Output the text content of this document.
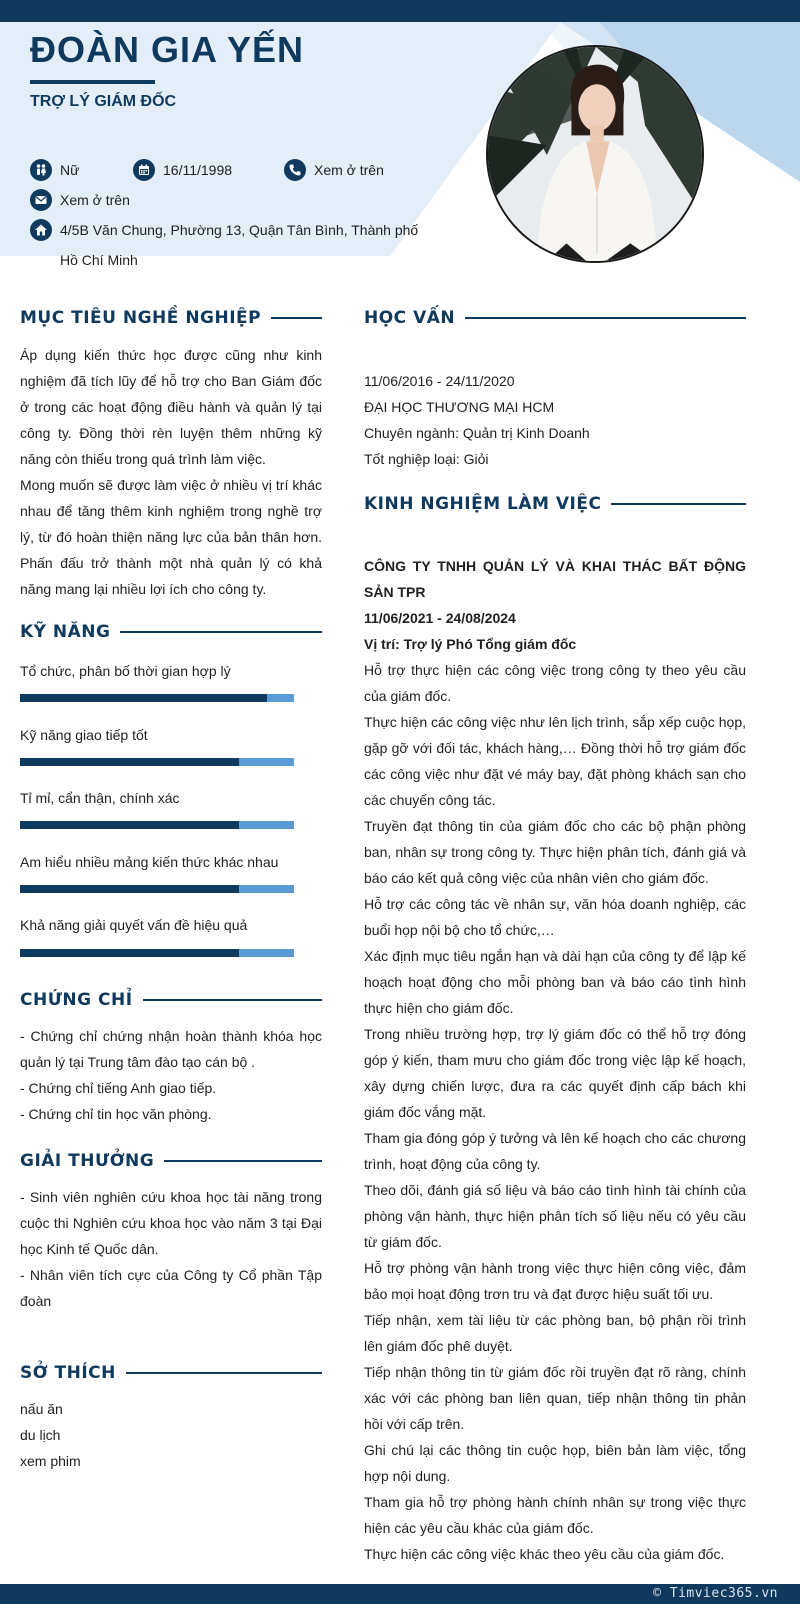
ĐOÀN GIA YẾN
TRỢ LÝ GIÁM ĐỐC
Nữ	16/11/1998	Xem ở trên
Xem ở trên
4/5B Văn Chung, Phường 13, Quận Tân Bình, Thành phố Hồ Chí Minh
MỤC TIÊU NGHỀ NGHIỆP

Áp dụng kiến thức học được cũng như kinh nghiệm đã tích lũy để hỗ trợ cho Ban Giám đốc ở trong các hoạt động điều hành và quản lý tại công ty. Đồng thời rèn luyện thêm những kỹ năng còn thiếu trong quá trình làm việc.

Mong muốn sẽ được làm việc ở nhiều vị trí khác nhau để tăng thêm kinh nghiệm trong nghề trợ lý, từ đó hoàn thiện năng lực của bản thân hơn. Phấn đấu trở thành một nhà quản lý có khả năng mang lại nhiều lợi ích cho công ty.

KỸ NĂNG
Tổ chức, phân bố thời gian hợp lý
Kỹ năng giao tiếp tốt
Tỉ mỉ, cẩn thận, chính xác
Am hiểu nhiều mảng kiến thức khác nhau
Khả năng giải quyết vấn đề hiệu quả
CHỨNG CHỈ

- Chứng chỉ chứng nhận hoàn thành khóa học quản lý tại Trung tâm đào tạo cán bộ .

- Chứng chỉ tiếng Anh giao tiếp.

- Chứng chỉ tin học văn phòng.

GIẢI THƯỞNG

- Sinh viên nghiên cứu khoa học tài năng trong cuộc thi Nghiên cứu khoa học vào năm 3 tại Đại học Kinh tế Quốc dân.

- Nhân viên tích cực của Công ty Cổ phần Tập đoàn

SỞ THÍCH
nấu ăn
du lịch
xem phim
HỌC VẤN
11/06/2016 - 24/11/2020
ĐẠI HỌC THƯƠNG MẠI HCM
Chuyên ngành: Quản trị Kinh Doanh
Tốt nghiệp loại: Giỏi
KINH NGHIỆM LÀM VIỆC

CÔNG TY TNHH QUẢN LÝ VÀ KHAI THÁC BẤT ĐỘNG SẢN TPR

11/06/2021 - 24/08/2024

Vị trí: Trợ lý Phó Tổng giám đốc

Hỗ trợ thực hiện các công việc trong công ty theo yêu cầu của giám đốc.

Thực hiện các công việc như lên lịch trình, sắp xếp cuộc họp, gặp gỡ với đối tác, khách hàng,… Đồng thời hỗ trợ giám đốc các công việc như đặt vé máy bay, đặt phòng khách sạn cho các chuyến công tác.

Truyền đạt thông tin của giám đốc cho các bộ phận phòng ban, nhân sự trong công ty. Thực hiện phân tích, đánh giá và báo cáo kết quả công việc của nhân viên cho giám đốc.

Hỗ trợ các công tác về nhân sự, văn hóa doanh nghiệp, các buổi họp nội bộ cho tổ chức,…

Xác định mục tiêu ngắn hạn và dài hạn của công ty để lập kế hoạch hoạt động cho mỗi phòng ban và báo cáo tình hình thực hiện cho giám đốc.

Trong nhiều trường hợp, trợ lý giám đốc có thể hỗ trợ đóng góp ý kiến, tham mưu cho giám đốc trong việc lập kế hoạch, xây dựng chiến lược, đưa ra các quyết định cấp bách khi giám đốc vắng mặt.

Tham gia đóng góp ý tưởng và lên kế hoạch cho các chương trình, hoạt động của công ty.

Theo dõi, đánh giá số liệu và báo cáo tình hình tài chính của phòng vận hành, thực hiện phân tích số liệu nếu có yêu cầu từ giám đốc.

Hỗ trợ phòng vận hành trong việc thực hiện công việc, đảm bảo mọi hoạt động trơn tru và đạt được hiệu suất tối ưu.

Tiếp nhận, xem tài liệu từ các phòng ban, bộ phận rồi trình lên giám đốc phê duyệt.

Tiếp nhận thông tin từ giám đốc rồi truyền đạt rõ ràng, chính xác với các phòng ban liên quan, tiếp nhận thông tin phản hồi với cấp trên.

Ghi chú lại các thông tin cuộc họp, biên bản làm việc, tổng hợp nội dung.

Tham gia hỗ trợ phòng hành chính nhân sự trong việc thực hiện các yêu cầu khác của giám đốc.

Thực hiện các công việc khác theo yêu cầu của giám đốc.

© Timviec365.vn
